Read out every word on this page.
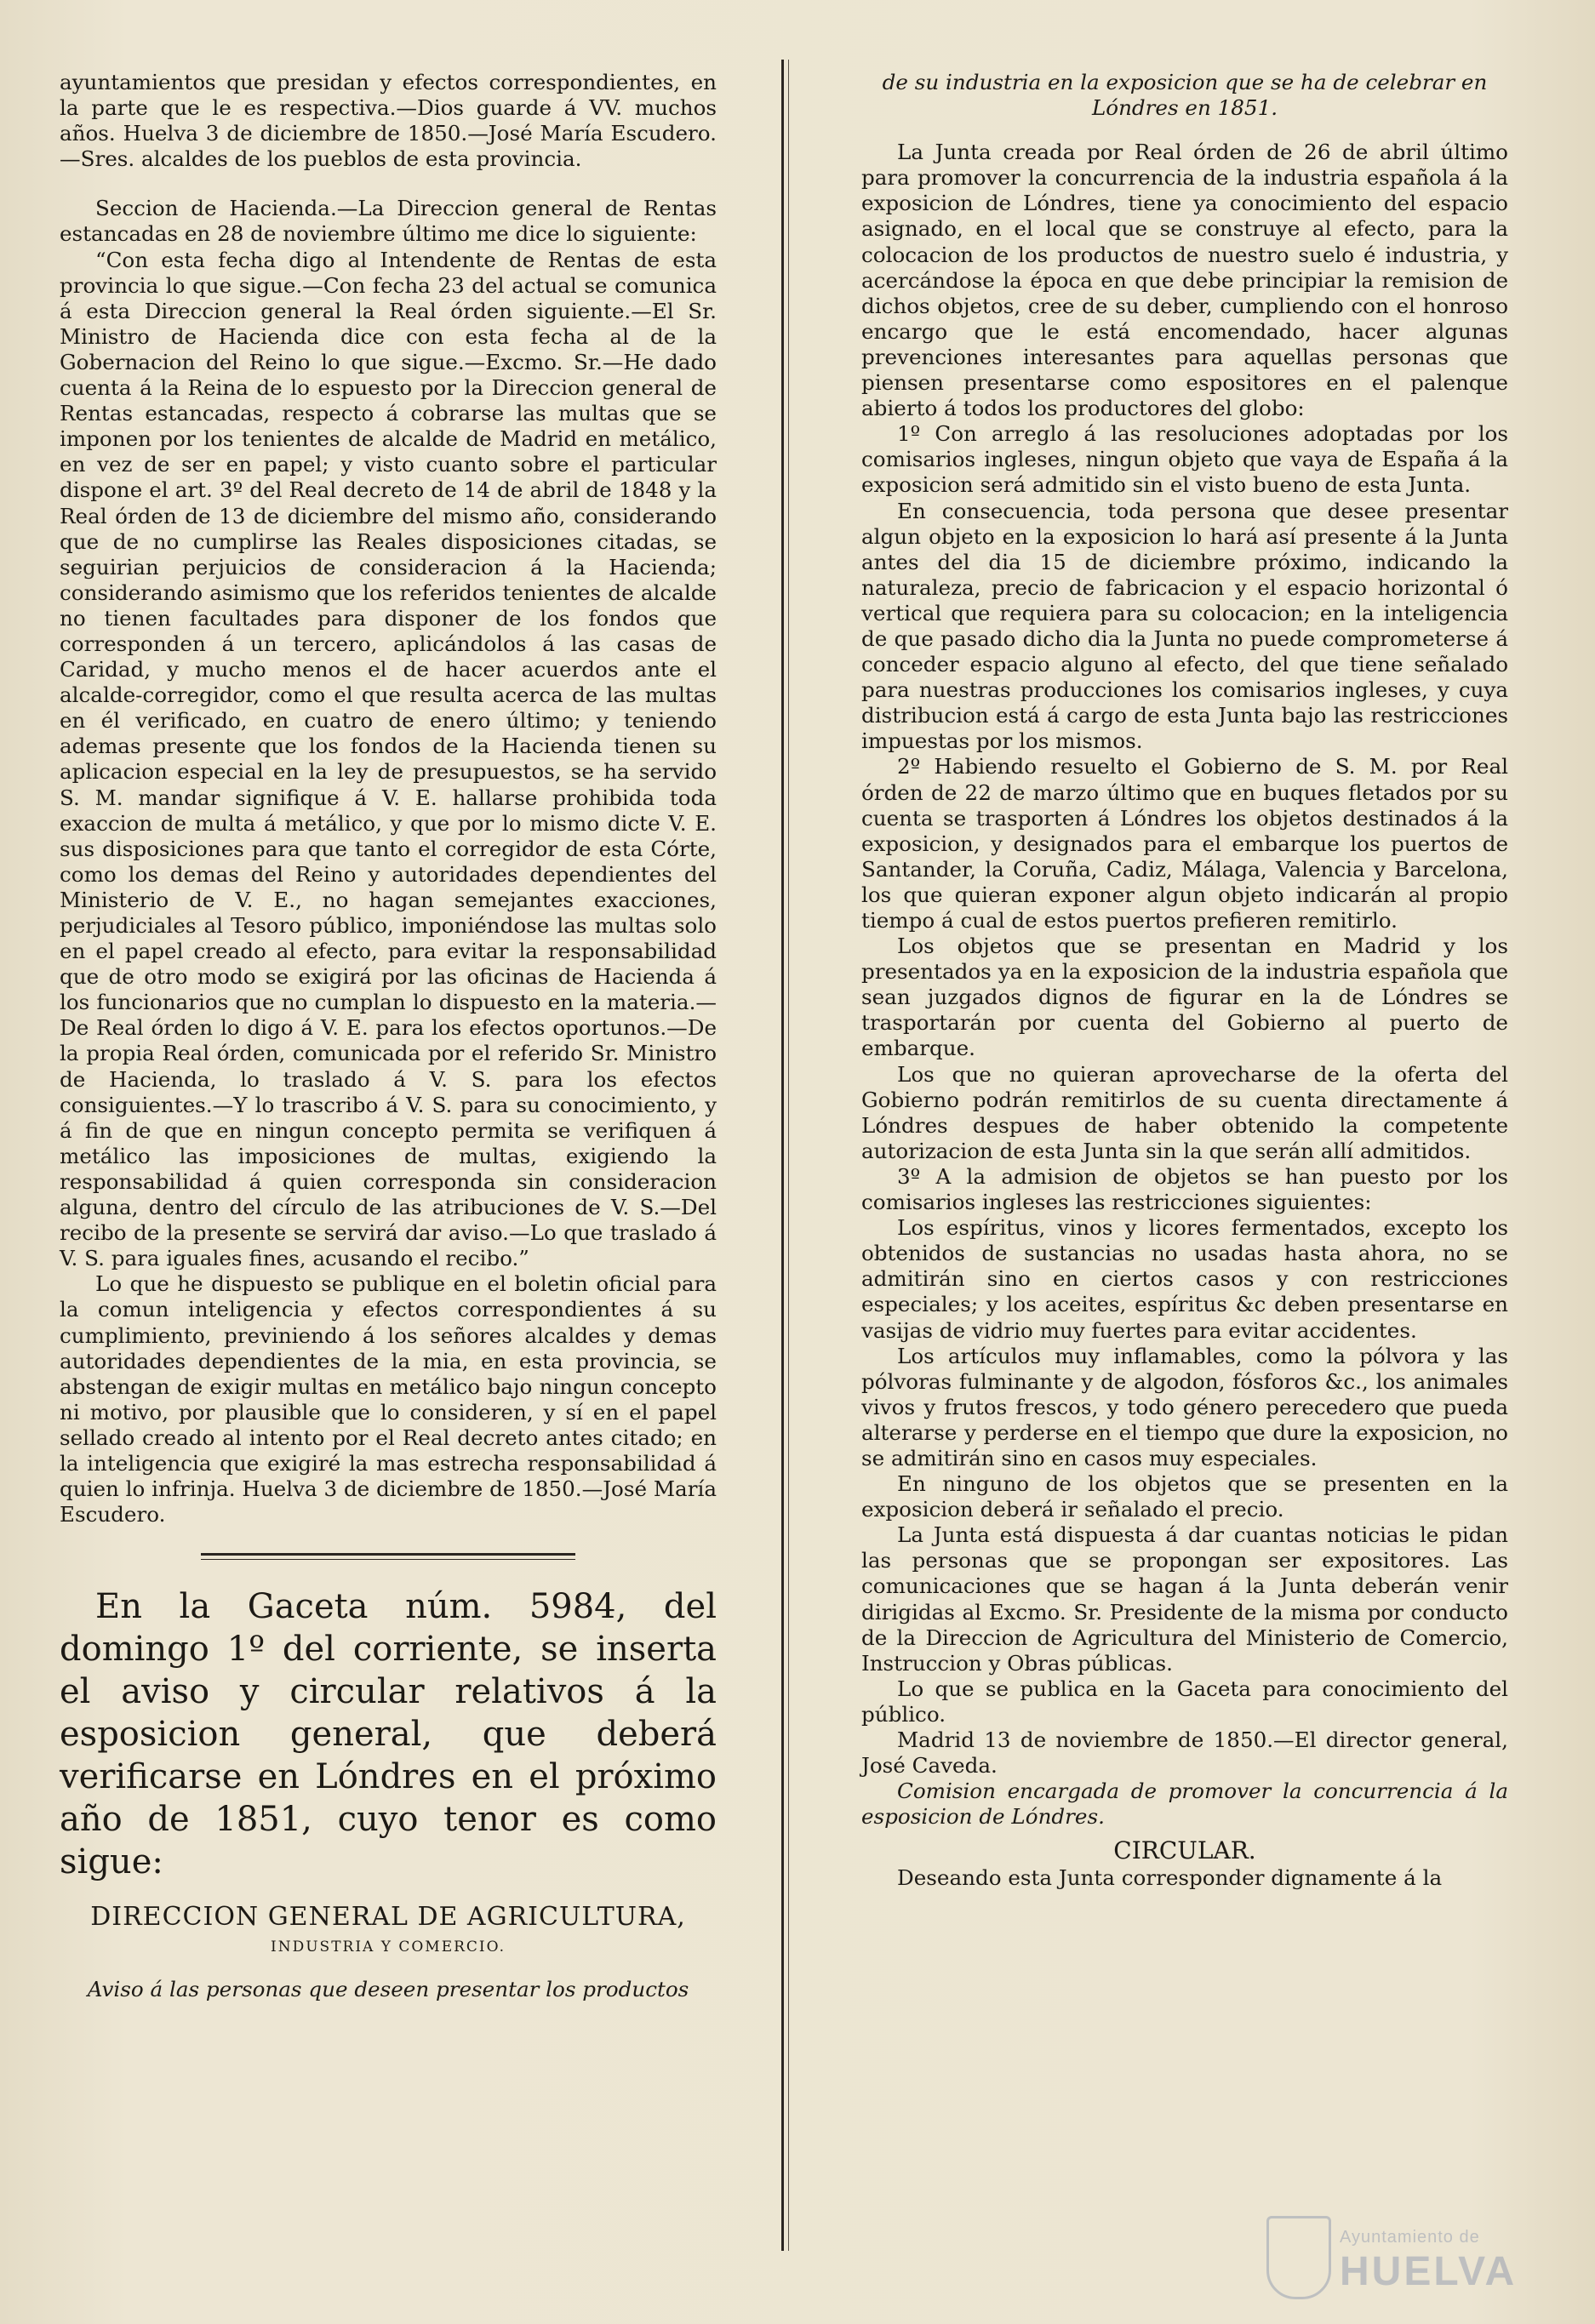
ayuntamientos que presidan y efectos correspondientes, en la parte que le es respectiva.—Dios guarde á VV. muchos años. Huelva 3 de diciembre de 1850.—José María Escudero.—Sres. alcaldes de los pueblos de esta provincia.

Seccion de Hacienda.—La Direccion general de Rentas estancadas en 28 de noviembre último me dice lo siguiente:

“Con esta fecha digo al Intendente de Rentas de esta provincia lo que sigue.—Con fecha 23 del actual se comunica á esta Direccion general la Real órden siguiente.—El Sr. Ministro de Hacienda dice con esta fecha al de la Gobernacion del Reino lo que sigue.—Excmo. Sr.—He dado cuenta á la Reina de lo espuesto por la Direccion general de Rentas estancadas, respecto á cobrarse las multas que se imponen por los tenientes de alcalde de Madrid en metálico, en vez de ser en papel; y visto cuanto sobre el particular dispone el art. 3º del Real decreto de 14 de abril de 1848 y la Real órden de 13 de diciembre del mismo año, considerando que de no cumplirse las Reales disposiciones citadas, se seguirian perjuicios de consideracion á la Hacienda; considerando asimismo que los referidos tenientes de alcalde no tienen facultades para disponer de los fondos que corresponden á un tercero, aplicándolos á las casas de Caridad, y mucho menos el de hacer acuerdos ante el alcalde-corregidor, como el que resulta acerca de las multas en él verificado, en cuatro de enero último; y teniendo ademas presente que los fondos de la Hacienda tienen su aplicacion especial en la ley de presupuestos, se ha servido S. M. mandar signifique á V. E. hallarse prohibida toda exaccion de multa á metálico, y que por lo mismo dicte V. E. sus disposiciones para que tanto el corregidor de esta Córte, como los demas del Reino y autoridades dependientes del Ministerio de V. E., no hagan semejantes exacciones, perjudiciales al Tesoro público, imponiéndose las multas solo en el papel creado al efecto, para evitar la responsabilidad que de otro modo se exigirá por las oficinas de Hacienda á los funcionarios que no cumplan lo dispuesto en la materia.—De Real órden lo digo á V. E. para los efectos oportunos.—De la propia Real órden, comunicada por el referido Sr. Ministro de Hacienda, lo traslado á V. S. para los efectos consiguientes.—Y lo trascribo á V. S. para su conocimiento, y á fin de que en ningun concepto permita se verifiquen á metálico las imposiciones de multas, exigiendo la responsabilidad á quien corresponda sin consideracion alguna, dentro del círculo de las atribuciones de V. S.—Del recibo de la presente se servirá dar aviso.—Lo que traslado á V. S. para iguales fines, acusando el recibo.”

Lo que he dispuesto se publique en el boletin oficial para la comun inteligencia y efectos correspondientes á su cumplimiento, previniendo á los señores alcaldes y demas autoridades dependientes de la mia, en esta provincia, se abstengan de exigir multas en metálico bajo ningun concepto ni motivo, por plausible que lo consideren, y sí en el papel sellado creado al intento por el Real decreto antes citado; en la inteligencia que exigiré la mas estrecha responsabilidad á quien lo infrinja. Huelva 3 de diciembre de 1850.—José María Escudero.

En la Gaceta núm. 5984, del domingo 1º del corriente, se inserta el aviso y circular relativos á la esposicion general, que deberá verificarse en Lóndres en el próximo año de 1851, cuyo tenor es como sigue:

DIRECCION GENERAL DE AGRICULTURA,

INDUSTRIA Y COMERCIO.

Aviso á las personas que deseen presentar los productos

de su industria en la exposicion que se ha de celebrar en Lóndres en 1851.

La Junta creada por Real órden de 26 de abril último para promover la concurrencia de la industria española á la exposicion de Lóndres, tiene ya conocimiento del espacio asignado, en el local que se construye al efecto, para la colocacion de los productos de nuestro suelo é industria, y acercándose la época en que debe principiar la remision de dichos objetos, cree de su deber, cumpliendo con el honroso encargo que le está encomendado, hacer algunas prevenciones interesantes para aquellas personas que piensen presentarse como espositores en el palenque abierto á todos los productores del globo:

1º Con arreglo á las resoluciones adoptadas por los comisarios ingleses, ningun objeto que vaya de España á la exposicion será admitido sin el visto bueno de esta Junta.

En consecuencia, toda persona que desee presentar algun objeto en la exposicion lo hará así presente á la Junta antes del dia 15 de diciembre próximo, indicando la naturaleza, precio de fabricacion y el espacio horizontal ó vertical que requiera para su colocacion; en la inteligencia de que pasado dicho dia la Junta no puede comprometerse á conceder espacio alguno al efecto, del que tiene señalado para nuestras producciones los comisarios ingleses, y cuya distribucion está á cargo de esta Junta bajo las restricciones impuestas por los mismos.

2º Habiendo resuelto el Gobierno de S. M. por Real órden de 22 de marzo último que en buques fletados por su cuenta se trasporten á Lóndres los objetos destinados á la exposicion, y designados para el embarque los puertos de Santander, la Coruña, Cadiz, Málaga, Valencia y Barcelona, los que quieran exponer algun objeto indicarán al propio tiempo á cual de estos puertos prefieren remitirlo.

Los objetos que se presentan en Madrid y los presentados ya en la exposicion de la industria española que sean juzgados dignos de figurar en la de Lóndres se trasportarán por cuenta del Gobierno al puerto de embarque.

Los que no quieran aprovecharse de la oferta del Gobierno podrán remitirlos de su cuenta directamente á Lóndres despues de haber obtenido la competente autorizacion de esta Junta sin la que serán allí admitidos.

3º A la admision de objetos se han puesto por los comisarios ingleses las restricciones siguientes:

Los espíritus, vinos y licores fermentados, excepto los obtenidos de sustancias no usadas hasta ahora, no se admitirán sino en ciertos casos y con restricciones especiales; y los aceites, espíritus &c deben presentarse en vasijas de vidrio muy fuertes para evitar accidentes.

Los artículos muy inflamables, como la pólvora y las pólvoras fulminante y de algodon, fósforos &c., los animales vivos y frutos frescos, y todo género perecedero que pueda alterarse y perderse en el tiempo que dure la exposicion, no se admitirán sino en casos muy especiales.

En ninguno de los objetos que se presenten en la exposicion deberá ir señalado el precio.

La Junta está dispuesta á dar cuantas noticias le pidan las personas que se propongan ser expositores. Las comunicaciones que se hagan á la Junta deberán venir dirigidas al Excmo. Sr. Presidente de la misma por conducto de la Direccion de Agricultura del Ministerio de Comercio, Instruccion y Obras públicas.

Lo que se publica en la Gaceta para conocimiento del público.

Madrid 13 de noviembre de 1850.—El director general, José Caveda.

Comision encargada de promover la concurrencia á la esposicion de Lóndres.

CIRCULAR.

Deseando esta Junta corresponder dignamente á la

Ayuntamiento de
HUELVA
